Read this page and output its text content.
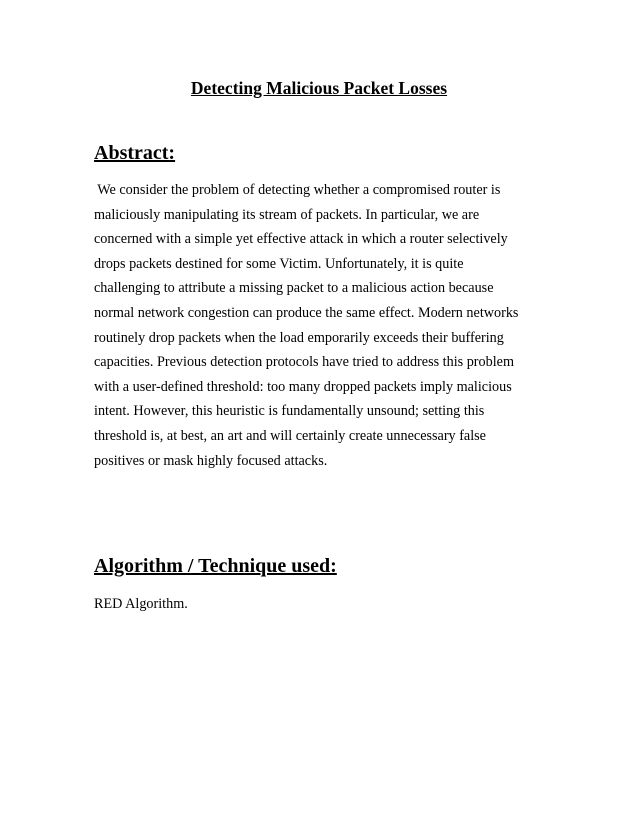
Detecting Malicious Packet Losses
Abstract:

We consider the problem of detecting whether a compromised router is
maliciously manipulating its stream of packets. In particular, we are
concerned with a simple yet effective attack in which a router selectively
drops packets destined for some Victim. Unfortunately, it is quite
challenging to attribute a missing packet to a malicious action because
normal network congestion can produce the same effect. Modern networks
routinely drop packets when the load emporarily exceeds their buffering
capacities. Previous detection protocols have tried to address this problem
with a user-defined threshold: too many dropped packets imply malicious
intent. However, this heuristic is fundamentally unsound; setting this
threshold is, at best, an art and will certainly create unnecessary false
positives or mask highly focused attacks.

Algorithm / Technique used:

RED Algorithm.
